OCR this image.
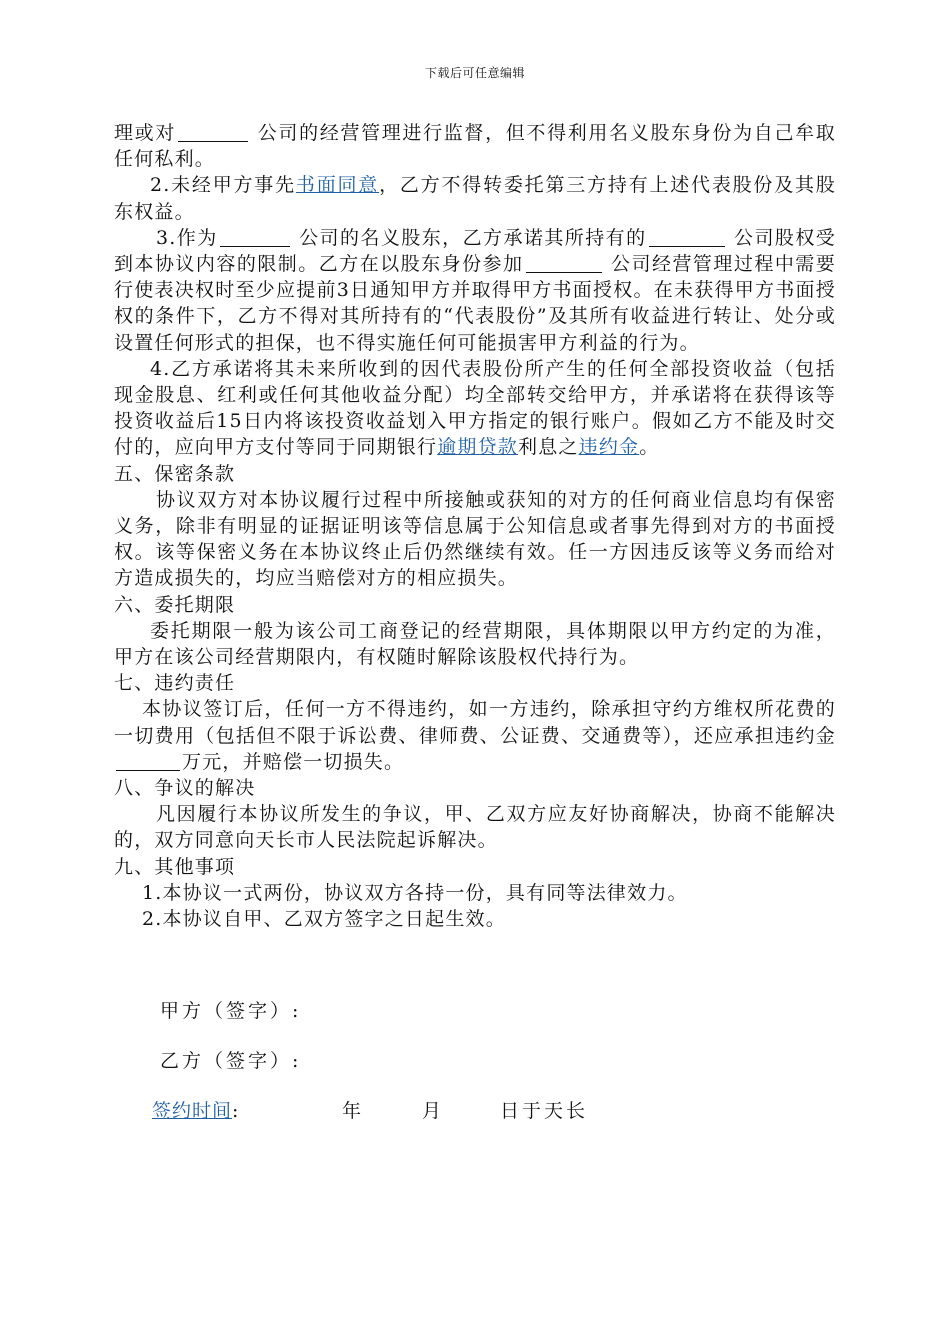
下载后可任意编辑

理或对	公司的经营管理进行监督，但不得利用名义股东身份为自己牟取任何私利。

2.未经甲方事先书面同意，乙方不得转委托第三方持有上述代表股份及其股东权益。

3.作为	公司的名义股东，乙方承诺其所持有的	公司股权受到本协议内容的限制。乙方在以股东身份参加	公司经营管理过程中需要行使表决权时至少应提前3日通知甲方并取得甲方书面授权。在未获得甲方书面授权的条件下，乙方不得对其所持有的“代表股份”及其所有收益进行转让、处分或设置任何形式的担保，也不得实施任何可能损害甲方利益的行为。

4.乙方承诺将其未来所收到的因代表股份所产生的任何全部投资收益（包括现金股息、红利或任何其他收益分配）均全部转交给甲方，并承诺将在获得该等投资收益后15日内将该投资收益划入甲方指定的银行账户。假如乙方不能及时交付的，应向甲方支付等同于同期银行逾期贷款利息之违约金。

五、保密条款

协议双方对本协议履行过程中所接触或获知的对方的任何商业信息均有保密义务，除非有明显的证据证明该等信息属于公知信息或者事先得到对方的书面授权。该等保密义务在本协议终止后仍然继续有效。任一方因违反该等义务而给对方造成损失的，均应当赔偿对方的相应损失。

六、委托期限

委托期限一般为该公司工商登记的经营期限，具体期限以甲方约定的为准，甲方在该公司经营期限内，有权随时解除该股权代持行为。

七、违约责任

本协议签订后，任何一方不得违约，如一方违约，除承担守约方维权所花费的一切费用（包括但不限于诉讼费、律师费、公证费、交通费等），还应承担违约金万元，并赔偿一切损失。

八、争议的解决

凡因履行本协议所发生的争议，甲、乙双方应友好协商解决，协商不能解决的，双方同意向天长市人民法院起诉解决。

九、其他事项

1.本协议一式两份，协议双方各持一份，具有同等法律效力。

2.本协议自甲、乙双方签字之日起生效。

甲方（签字）:
乙方（签字）:
签约时间:	年	月	日于天长
